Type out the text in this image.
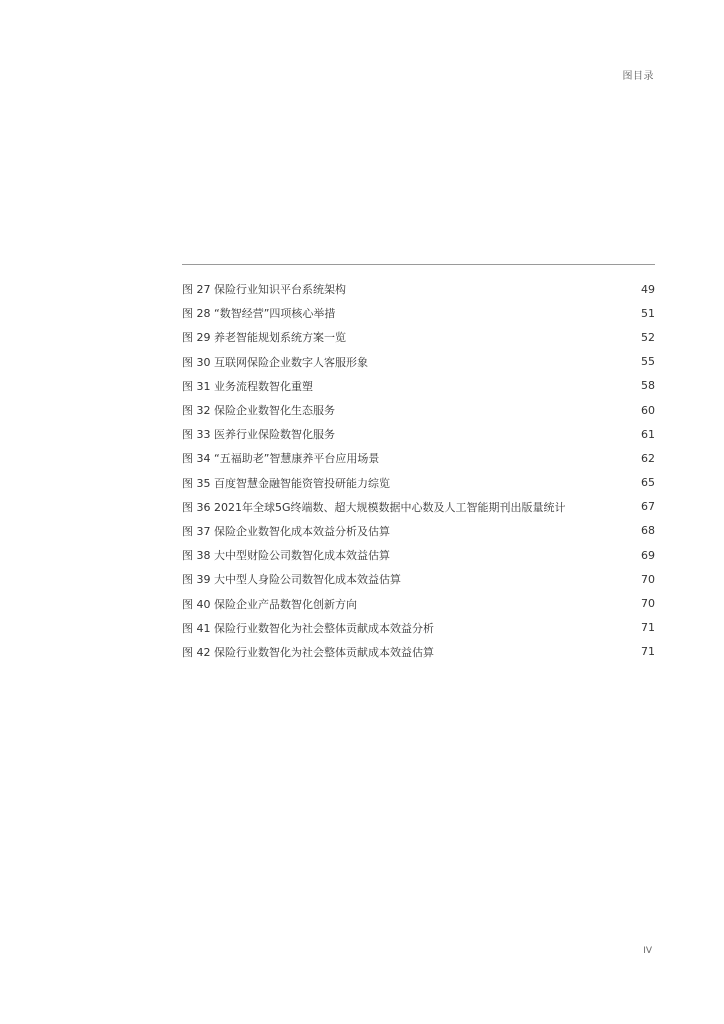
图目录
图 27 保险行业知识平台系统架构	49
图 28 “数智经营”四项核心举措	51
图 29 养老智能规划系统方案一览	52
图 30 互联网保险企业数字人客服形象	55
图 31 业务流程数智化重塑	58
图 32 保险企业数智化生态服务	60
图 33 医养行业保险数智化服务	61
图 34 “五福助老”智慧康养平台应用场景	62
图 35 百度智慧金融智能资管投研能力综览	65
图 36 2021年全球5G终端数、超大规模数据中心数及人工智能期刊出版量统计	67
图 37 保险企业数智化成本效益分析及估算	68
图 38 大中型财险公司数智化成本效益估算	69
图 39 大中型人身险公司数智化成本效益估算	70
图 40 保险企业产品数智化创新方向	70
图 41 保险行业数智化为社会整体贡献成本效益分析	71
图 42 保险行业数智化为社会整体贡献成本效益估算	71
IV
